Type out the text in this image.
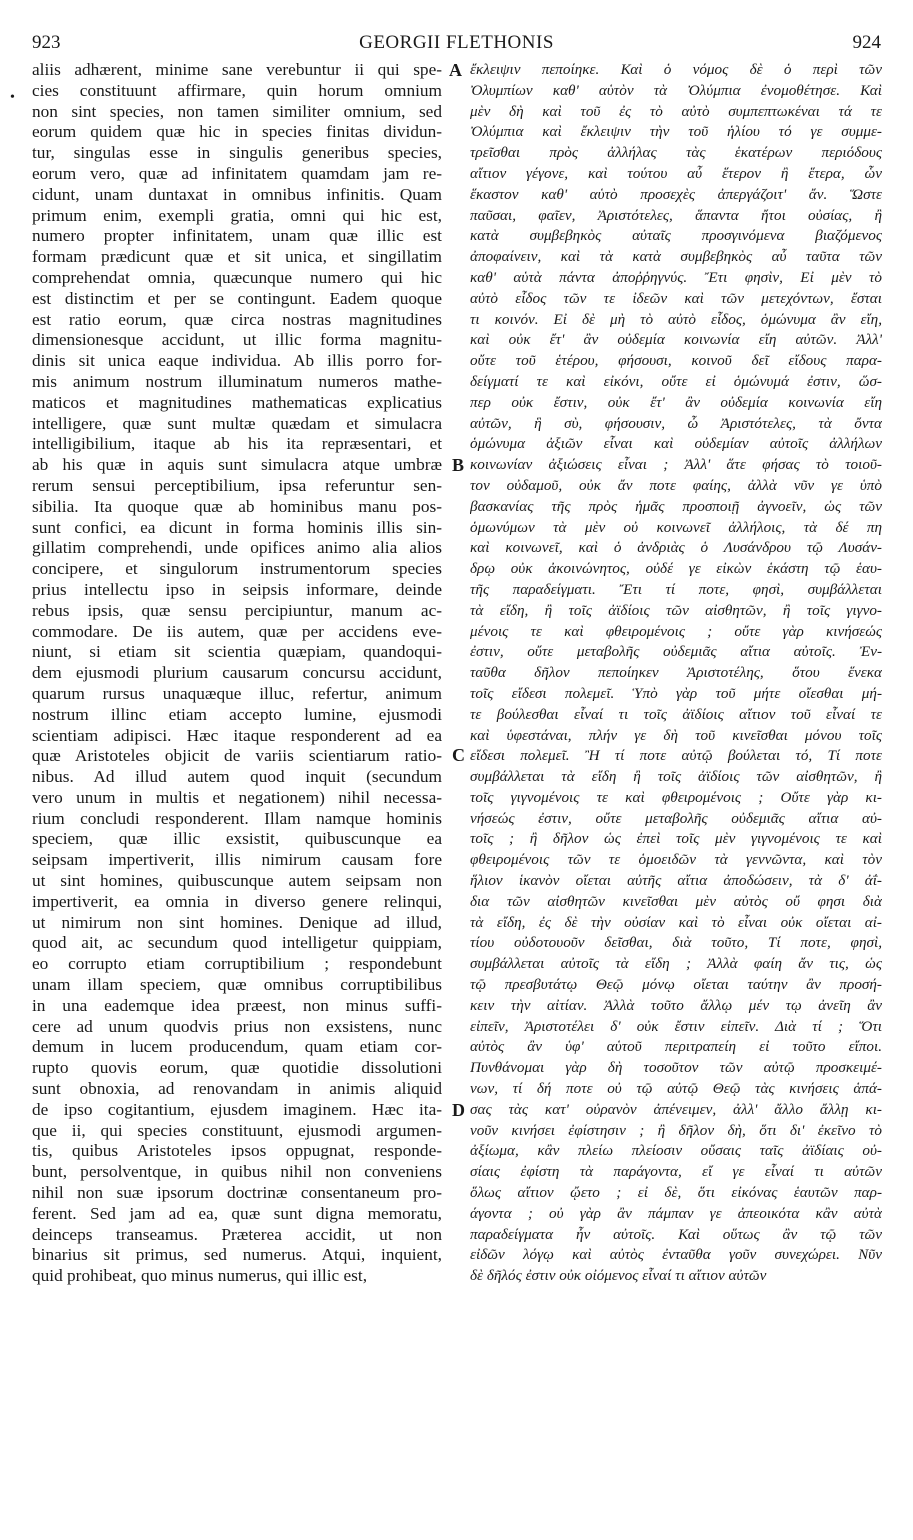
923	GEORGII FLETHONIS	924
•
aliis adhærent, minime sane verebuntur ii qui spe-
cies constituunt affirmare, quin horum omnium
non sint species, non tamen similiter omnium, sed
eorum quidem quæ hic in species finitas dividun-
tur, singulas esse in singulis generibus species,
eorum vero, quæ ad infinitatem quamdam jam re-
cidunt, unam duntaxat in omnibus infinitis. Quam
primum enim, exempli gratia, omni qui hic est,
numero propter infinitatem, unam quæ illic est
formam prædicunt quæ et sit unica, et singillatim
comprehendat omnia, quæcunque numero qui hic
est distinctim et per se contingunt. Eadem quoque
est ratio eorum, quæ circa nostras magnitudines
dimensionesque accidunt, ut illic forma magnitu-
dinis sit unica eaque individua. Ab illis porro for-
mis animum nostrum illuminatum numeros mathe-
maticos et magnitudines mathematicas explicatius
intelligere, quæ sunt multæ quædam et simulacra
intelligibilium, itaque ab his ita repræsentari, et
ab his quæ in aquis sunt simulacra atque umbræ
rerum sensui perceptibilium, ipsa referuntur sen-
sibilia. Ita quoque quæ ab hominibus manu pos-
sunt confici, ea dicunt in forma hominis illis sin-
gillatim comprehendi, unde opifices animo alia alios
concipere, et singulorum instrumentorum species
prius intellectu ipso in seipsis informare, deinde
rebus ipsis, quæ sensu percipiuntur, manum ac-
commodare. De iis autem, quæ per accidens eve-
niunt, si etiam sit scientia quæpiam, quandoqui-
dem ejusmodi plurium causarum concursu accidunt,
quarum rursus unaquæque illuc, refertur, animum
nostrum illinc etiam accepto lumine, ejusmodi
scientiam adipisci. Hæc itaque responderent ad ea
quæ Aristoteles objicit de variis scientiarum ratio-
nibus. Ad illud autem quod inquit (secundum
vero unum in multis et negationem) nihil necessa-
rium concludi responderent. Illam namque hominis
speciem, quæ illic exsistit, quibuscunque ea
seipsam impertiverit, illis nimirum causam fore
ut sint homines, quibuscunque autem seipsam non
impertiverit, ea omnia in diverso genere relinqui,
ut nimirum non sint homines. Denique ad illud,
quod ait, ac secundum quod intelligetur quippiam,
eo corrupto etiam corruptibilium ; respondebunt
unam illam speciem, quæ omnibus corruptibilibus
in una eademque idea præest, non minus suffi-
cere ad unum quodvis prius non exsistens, nunc
demum in lucem producendum, quam etiam cor-
rupto quovis eorum, quæ quotidie dissolutioni
sunt obnoxia, ad renovandam in animis aliquid
de ipso cogitantium, ejusdem imaginem. Hæc ita-
que ii, qui species constituunt, ejusmodi argumen-
tis, quibus Aristoteles ipsos oppugnat, responde-
bunt, persolventque, in quibus nihil non conveniens
nihil non suæ ipsorum doctrinæ consentaneum pro-
ferent. Sed jam ad ea, quæ sunt digna memoratu,
deinceps transeamus. Præterea accidit, ut non
binarius sit primus, sed numerus. Atqui, inquient,
quid prohibeat, quo minus numerus, qui illic est,
ἔκλειψιν πεποίηκε. Καὶ ὁ νόμος δὲ ὁ περὶ τῶν
Ὀλυμπίων καθ' αὑτὸν τὰ Ὀλύμπια ἐνομοθέτησε. Καὶ
μὲν δὴ καὶ τοῦ ἐς τὸ αὐτὸ συμπεπτωκέναι τά τε
Ὀλύμπια καὶ ἔκλειψιν τὴν τοῦ ἡλίου τό γε συμμε-
τρεῖσθαι πρὸς ἀλλήλας τὰς ἑκατέρων περιόδους
αἴτιον γέγονε, καὶ τούτου αὖ ἕτερον ἢ ἕτερα, ὧν
ἕκαστον καθ' αὑτὸ προσεχὲς ἀπεργάζοιτ' ἄν. Ὥστε
παῦσαι, φαῖεν, Ἀριστότελες, ἅπαντα ἤτοι οὐσίας, ἢ
κατὰ συμβεβηκὸς αὐταῖς προσγινόμενα βιαζόμενος
ἀποφαίνειν, καὶ τὰ κατὰ συμβεβηκὸς αὖ ταῦτα τῶν
καθ' αὑτὰ πάντα ἀποῤῥηγνύς. Ἔτι φησὶν, Εἰ μὲν τὸ
αὐτὸ εἶδος τῶν τε ἰδεῶν καὶ τῶν μετεχόντων, ἔσται
τι κοινόν. Εἰ δὲ μὴ τὸ αὐτὸ εἶδος, ὁμώνυμα ἂν εἴη,
καὶ οὐκ ἔτ' ἂν οὐδεμία κοινωνία εἴη αὐτῶν. Ἀλλ'
οὔτε τοῦ ἑτέρου, φήσουσι, κοινοῦ δεῖ εἴδους παρα-
δείγματί τε καὶ εἰκόνι, οὔτε εἰ ὁμώνυμά ἐστιν, ὥσ-
περ οὐκ ἔστιν, οὐκ ἔτ' ἂν οὐδεμία κοινωνία εἴη
αὐτῶν, ἣ σὺ, φήσουσιν, ὦ Ἀριστότελες, τὰ ὄντα
ὁμώνυμα ἀξιῶν εἶναι καὶ οὐδεμίαν αὐτοῖς ἀλλήλων
κοινωνίαν ἀξιώσεις εἶναι ; Ἀλλ' ἅτε φήσας τὸ τοιοῦ-
τον οὐδαμοῦ, οὐκ ἄν ποτε φαίης, ἀλλὰ νῦν γε ὑπὸ
βασκανίας τῆς πρὸς ἡμᾶς προσποιῇ ἀγνοεῖν, ὡς τῶν
ὁμωνύμων τὰ μὲν οὐ κοινωνεῖ ἀλλήλοις, τὰ δέ πη
καὶ κοινωνεῖ, καὶ ὁ ἀνδριὰς ὁ Λυσάνδρου τῷ Λυσάν-
δρῳ οὐκ ἀκοινώνητος, οὐδέ γε εἰκὼν ἑκάστη τῷ ἑαυ-
τῆς παραδείγματι. Ἔτι τί ποτε, φησὶ, συμβάλλεται
τὰ εἴδη, ἢ τοῖς ἀϊδίοις τῶν αἰσθητῶν, ἢ τοῖς γιγνο-
μένοις τε καὶ φθειρομένοις ; οὔτε γὰρ κινήσεώς
ἐστιν, οὔτε μεταβολῆς οὐδεμιᾶς αἴτια αὐτοῖς. Ἐν-
ταῦθα δῆλον πεποίηκεν Ἀριστοτέλης, ὅτου ἕνεκα
τοῖς εἴδεσι πολεμεῖ. Ὑπὸ γὰρ τοῦ μήτε οἴεσθαι μή-
τε βούλεσθαι εἶναί τι τοῖς ἀϊδίοις αἴτιον τοῦ εἶναί τε
καὶ ὑφεστάναι, πλήν γε δὴ τοῦ κινεῖσθαι μόνου τοῖς
εἴδεσι πολεμεῖ. Ἢ τί ποτε αὐτῷ βούλεται τό, Τί ποτε
συμβάλλεται τὰ εἴδη ἢ τοῖς ἀϊδίοις τῶν αἰσθητῶν, ἢ
τοῖς γιγνομένοις τε καὶ φθειρομένοις ; Οὔτε γὰρ κι-
νήσεώς ἐστιν, οὔτε μεταβολῆς οὐδεμιᾶς αἴτια αὐ-
τοῖς ; ἢ δῆλον ὡς ἐπεὶ τοῖς μὲν γιγνομένοις τε καὶ
φθειρομένοις τῶν τε ὁμοειδῶν τὰ γεννῶντα, καὶ τὸν
ἥλιον ἱκανὸν οἴεται αὐτῆς αἴτια ἀποδώσειν, τὰ δ' ἀΐ-
δια τῶν αἰσθητῶν κινεῖσθαι μὲν αὐτὸς οὔ φησι διὰ
τὰ εἴδη, ἐς δὲ τὴν οὐσίαν καὶ τὸ εἶναι οὐκ οἴεται αἰ-
τίου οὐδοτουοῦν δεῖσθαι, διὰ τοῦτο, Τί ποτε, φησὶ,
συμβάλλεται αὐτοῖς τὰ εἴδη ; Ἀλλὰ φαίη ἄν τις, ὡς
τῷ πρεσβυτάτῳ Θεῷ μόνῳ οἴεται ταύτην ἂν προσή-
κειν τὴν αἰτίαν. Ἀλλὰ τοῦτο ἄλλῳ μέν τῳ ἀνεῖη ἂν
εἰπεῖν, Ἀριστοτέλει δ' οὐκ ἔστιν εἰπεῖν. Διὰ τί ; Ὅτι
αὐτὸς ἂν ὑφ' αὑτοῦ περιτραπείη εἰ τοῦτο εἴποι.
Πυνθάνομαι γὰρ δὴ τοσοῦτον τῶν αὐτῷ προσκειμέ-
νων, τί δή ποτε οὐ τῷ αὐτῷ Θεῷ τὰς κινήσεις ἁπά-
σας τὰς κατ' οὐρανὸν ἀπένειμεν, ἀλλ' ἄλλο ἄλλῃ κι-
νοῦν κινήσει ἐφίστησιν ; ἢ δῆλον δὴ, ὅτι δι' ἐκεῖνο τὸ
ἀξίωμα, κἂν πλείω πλείοσιν οὔσαις ταῖς ἀϊδίαις οὐ-
σίαις ἐφίστη τὰ παράγοντα, εἴ γε εἶναί τι αὐτῶν
ὅλως αἴτιον ᾤετο ; εἰ δὲ, ὅτι εἰκόνας ἑαυτῶν παρ-
άγοντα ; οὐ γὰρ ἂν πάμπαν γε ἀπεοικότα κἂν αὐτὰ
παραδείγματα ἦν αὐτοῖς. Καὶ οὕτως ἂν τῷ τῶν
εἰδῶν λόγῳ καὶ αὐτὸς ἐνταῦθα γοῦν συνεχώρει. Νῦν
δὲ δῆλός ἐστιν οὐκ οἰόμενος εἶναί τι αἴτιον αὐτῶν
A
B
C
D
